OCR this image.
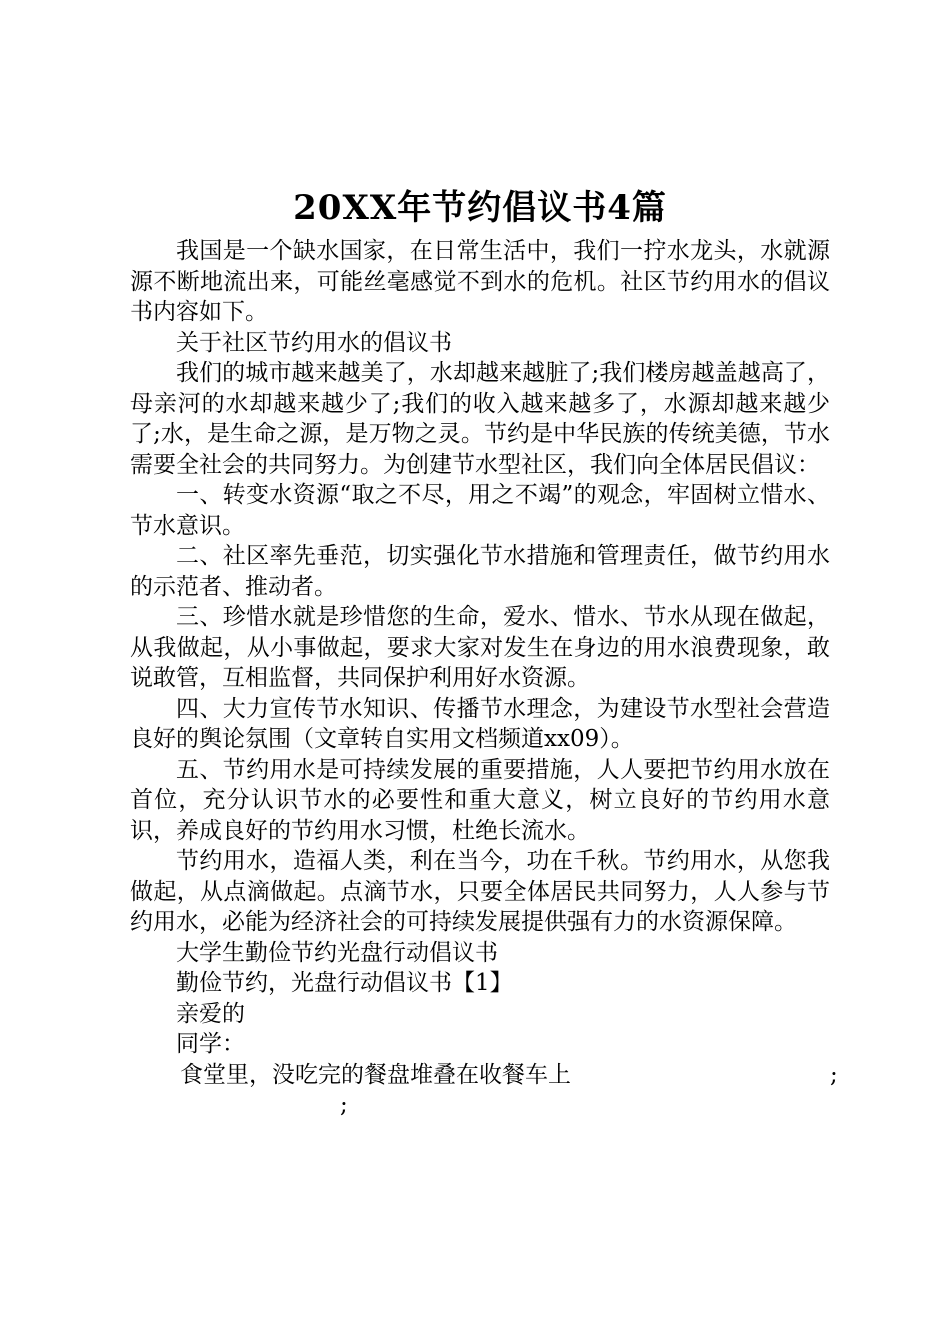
20XX年节约倡议书4篇
我国是一个缺水国家，在日常生活中，我们一拧水龙头，水就源源不断地流出来，可能丝毫感觉不到水的危机。社区节约用水的倡议书内容如下。
关于社区节约用水的倡议书
我们的城市越来越美了，水却越来越脏了;我们楼房越盖越高了，母亲河的水却越来越少了;我们的收入越来越多了，水源却越来越少了;水，是生命之源，是万物之灵。节约是中华民族的传统美德，节水需要全社会的共同努力。为创建节水型社区，我们向全体居民倡议：
一、转变水资源“取之不尽，用之不竭”的观念，牢固树立惜水、节水意识。
二、社区率先垂范，切实强化节水措施和管理责任，做节约用水的示范者、推动者。
三、珍惜水就是珍惜您的生命，爱水、惜水、节水从现在做起，从我做起，从小事做起，要求大家对发生在身边的用水浪费现象，敢说敢管，互相监督，共同保护利用好水资源。
四、大力宣传节水知识、传播节水理念，为建设节水型社会营造良好的舆论氛围（文章转自实用文档频道xx09）。
五、节约用水是可持续发展的重要措施，人人要把节约用水放在首位，充分认识节水的必要性和重大意义，树立良好的节约用水意识，养成良好的节约用水习惯，杜绝长流水。
节约用水，造福人类，利在当今，功在千秋。节约用水，从您我做起，从点滴做起。点滴节水，只要全体居民共同努力，人人参与节约用水，必能为经济社会的可持续发展提供强有力的水资源保障。
大学生勤俭节约光盘行动倡议书
勤俭节约，光盘行动倡议书【1】
亲爱的
同学：
食堂里，没吃完的餐盘堆叠在收餐车上	;
;
